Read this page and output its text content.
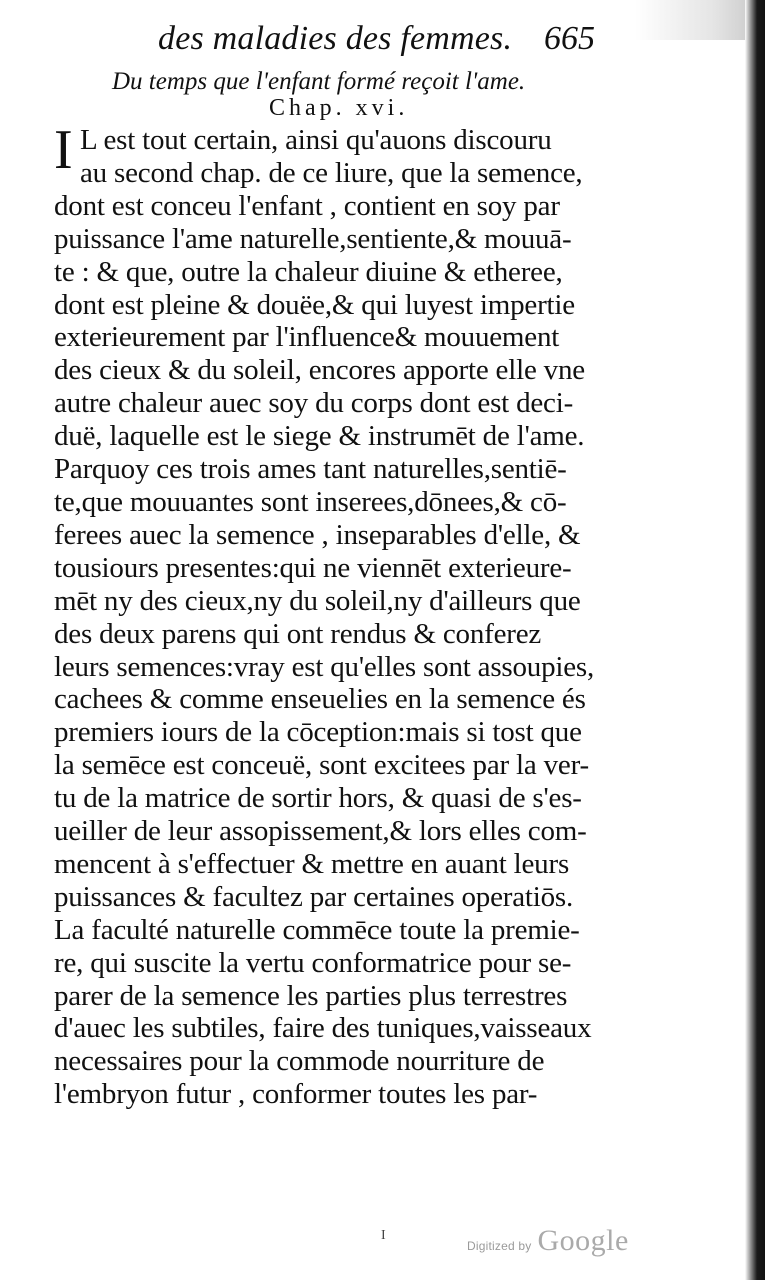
des maladies des femmes. 665
Du temps que l'enfant formé reçoit l'ame.
Chap. xvi.
I L est tout certain, ainsi qu'auons discouru
au second chap. de ce liure, que la semence,
dont est conceu l'enfant , contient en soy par
puissance l'ame naturelle,sentiente,& mouuā-
te : & que, outre la chaleur diuine & etheree,
dont est pleine & douëe,& qui luyest impertie
exterieurement par l'influence& mouuement
des cieux & du soleil, encores apporte elle vne
autre chaleur auec soy du corps dont est deci-
duë, laquelle est le siege & instrumēt de l'ame.
Parquoy ces trois ames tant naturelles,sentiē-
te,que mouuantes sont inserees,dōnees,& cō-
ferees auec la semence , inseparables d'elle, &
tousiours presentes:qui ne viennēt exterieure-
mēt ny des cieux,ny du soleil,ny d'ailleurs que
des deux parens qui ont rendus & conferez
leurs semences:vray est qu'elles sont assoupies,
cachees & comme enseuelies en la semence és
premiers iours de la cōception:mais si tost que
la semēce est conceuë, sont excitees par la ver-
tu de la matrice de sortir hors, & quasi de s'es-
ueiller de leur assopissement,& lors elles com-
mencent à s'effectuer & mettre en auant leurs
puissances & facultez par certaines operatiōs.
La faculté naturelle commēce toute la premie-
re, qui suscite la vertu conformatrice pour se-
parer de la semence les parties plus terrestres
d'auec les subtiles, faire des tuniques,vaisseaux
necessaires pour la commode nourriture de
l'embryon futur , conformer toutes les par-
I
Digitized by Google
